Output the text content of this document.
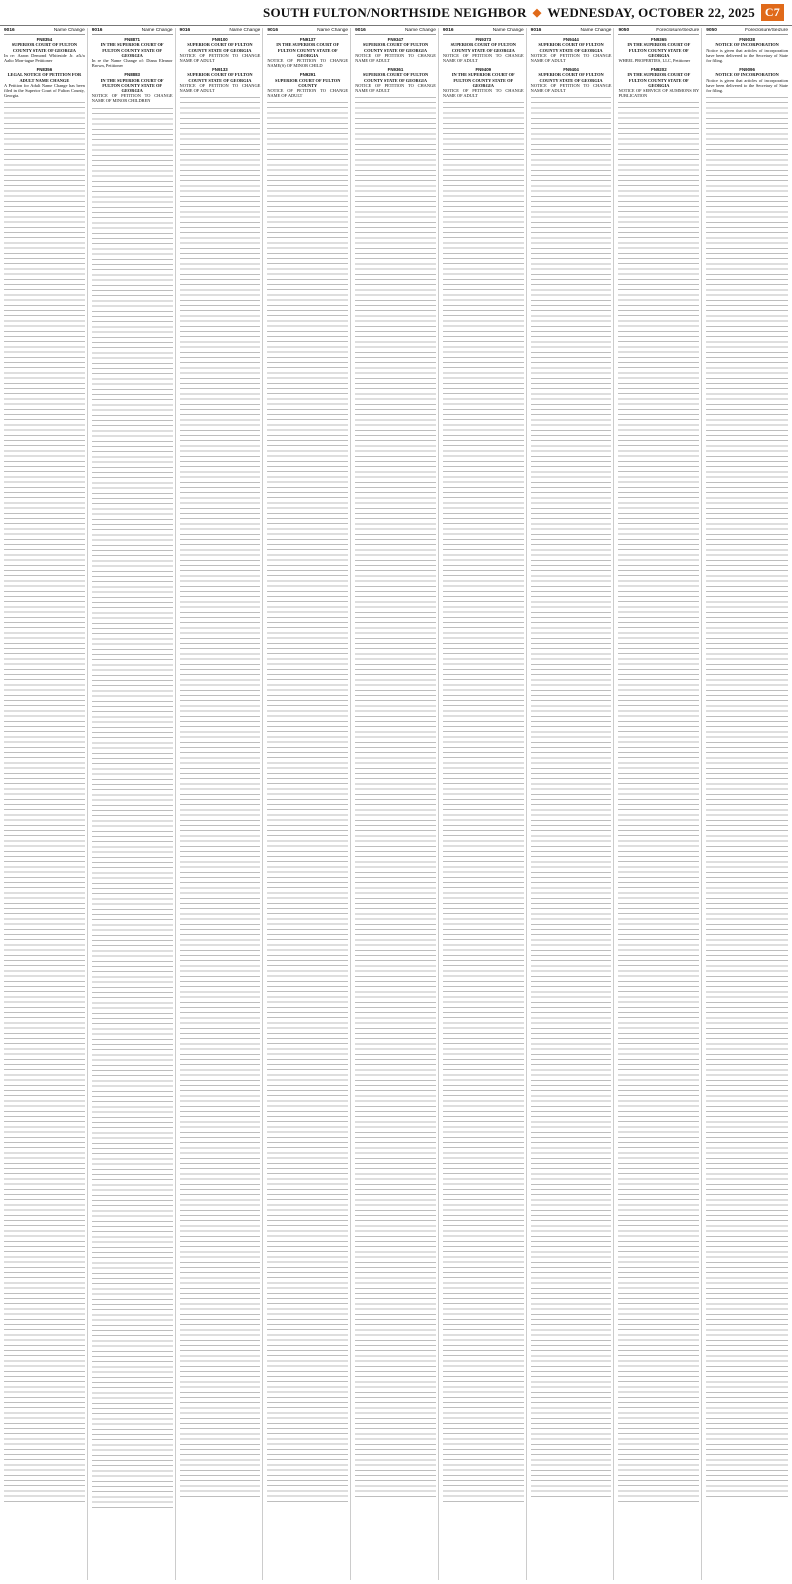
SOUTH FULTON/NORTHSIDE NEIGHBOR ◆ WEDNESDAY, OCTOBER 22, 2025 C7
9016	Name Change
FN8354
SUPERIOR COURT OF FULTON COUNTY STATE OF GEORGIA
In re: Aaron Demond Whiteside Jr. a/k/a Aalto Mon-tague Petitioner
FN8356
LEGAL NOTICE OF PETITION FOR ADULT NAME CHANGE
A Petition for Adult Name Change has been filed in the Superior Court of Fulton County, Georgia.
9016	Name Change
FN8871
IN THE SUPERIOR COURT OF FULTON COUNTY STATE OF GEORGIA
In re the Name Change of: Diana Eleanor Brown, Petitioner
FN8883
IN THE SUPERIOR COURT OF FULTON COUNTY STATE OF GEORGIA
NOTICE OF PETITION TO CHANGE NAME OF MINOR CHILDREN
9016	Name Change
FN9100
SUPERIOR COURT OF FULTON COUNTY STATE OF GEORGIA
NOTICE OF PETITION TO CHANGE NAME OF ADULT
FN9133
SUPERIOR COURT OF FULTON COUNTY STATE OF GEORGIA
NOTICE OF PETITION TO CHANGE NAME OF ADULT
9016	Name Change
FN9137
IN THE SUPERIOR COURT OF FULTON COUNTY STATE OF GEORGIA
NOTICE OF PETITION TO CHANGE NAME(S) OF MINOR CHILD
FN9291
SUPERIOR COURT OF FULTON COUNTY
NOTICE OF PETITION TO CHANGE NAME OF ADULT
9016	Name Change
FN9347
SUPERIOR COURT OF FULTON COUNTY STATE OF GEORGIA
NOTICE OF PETITION TO CHANGE NAME OF ADULT
FN9361
SUPERIOR COURT OF FULTON COUNTY STATE OF GEORGIA
NOTICE OF PETITION TO CHANGE NAME OF ADULT
9016	Name Change
FN9373
SUPERIOR COURT OF FULTON COUNTY STATE OF GEORGIA
NOTICE OF PETITION TO CHANGE NAME OF ADULT
FN9409
IN THE SUPERIOR COURT OF FULTON COUNTY STATE OF GEORGIA
NOTICE OF PETITION TO CHANGE NAME OF ADULT
9016	Name Change
FN9444
SUPERIOR COURT OF FULTON COUNTY STATE OF GEORGIA
NOTICE OF PETITION TO CHANGE NAME OF ADULT
FN9404
SUPERIOR COURT OF FULTON COUNTY STATE OF GEORGIA
NOTICE OF PETITION TO CHANGE NAME OF ADULT
9050	Foreclosure/Seizure
FN9365
IN THE SUPERIOR COURT OF FULTON COUNTY STATE OF GEORGIA
WHEEL PROPERTIES, LLC, Petitioner
FN9202
IN THE SUPERIOR COURT OF FULTON COUNTY STATE OF GEORGIA
NOTICE OF SERVICE OF SUMMONS BY PUBLICATION
9050	Foreclosure/Seizure
FN9038
NOTICE OF INCORPORATION
Notice is given that articles of incorporation have been delivered to the Secretary of State for filing.
FN9096
NOTICE OF INCORPORATION
Notice is given that articles of incorporation have been delivered to the Secretary of State for filing.
